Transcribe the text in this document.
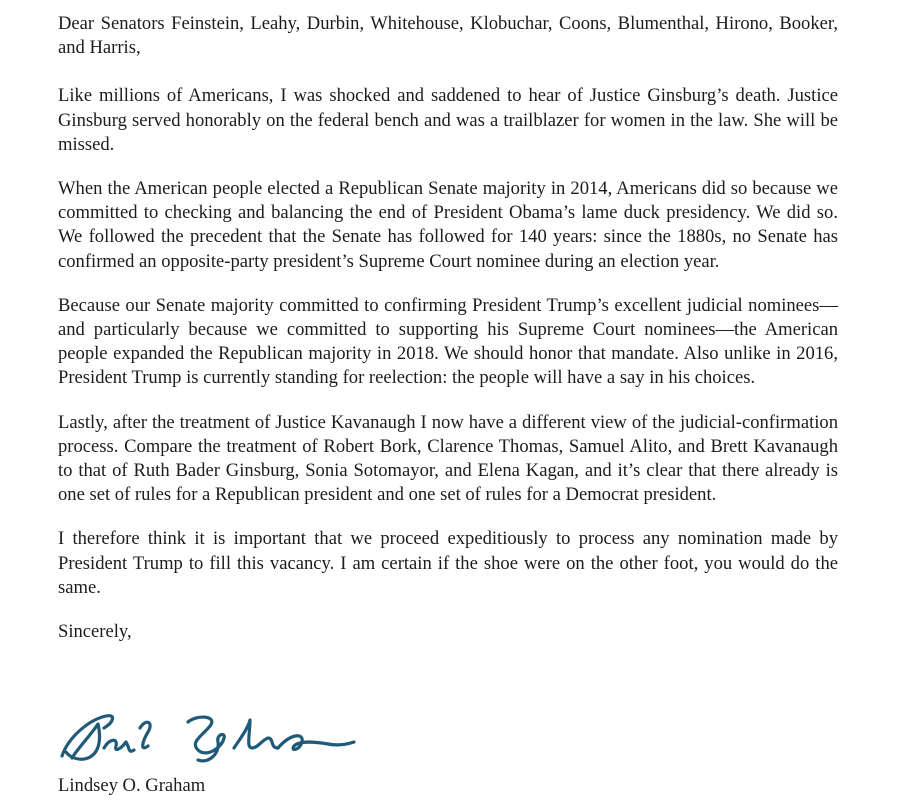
Dear Senators Feinstein, Leahy, Durbin, Whitehouse, Klobuchar, Coons, Blumenthal, Hirono, Booker, and Harris,

Like millions of Americans, I was shocked and saddened to hear of Justice Ginsburg’s death. Justice Ginsburg served honorably on the federal bench and was a trailblazer for women in the law. She will be missed.

When the American people elected a Republican Senate majority in 2014, Americans did so because we committed to checking and balancing the end of President Obama’s lame duck presidency. We did so. We followed the precedent that the Senate has followed for 140 years: since the 1880s, no Senate has confirmed an opposite-party president’s Supreme Court nominee during an election year.

Because our Senate majority committed to confirming President Trump’s excellent judicial nominees—and particularly because we committed to supporting his Supreme Court nominees—the American people expanded the Republican majority in 2018. We should honor that mandate. Also unlike in 2016, President Trump is currently standing for reelection: the people will have a say in his choices.

Lastly, after the treatment of Justice Kavanaugh I now have a different view of the judicial-confirmation process. Compare the treatment of Robert Bork, Clarence Thomas, Samuel Alito, and Brett Kavanaugh to that of Ruth Bader Ginsburg, Sonia Sotomayor, and Elena Kagan, and it’s clear that there already is one set of rules for a Republican president and one set of rules for a Democrat president.

I therefore think it is important that we proceed expeditiously to process any nomination made by President Trump to fill this vacancy. I am certain if the shoe were on the other foot, you would do the same.

Sincerely,

Lindsey O. Graham
